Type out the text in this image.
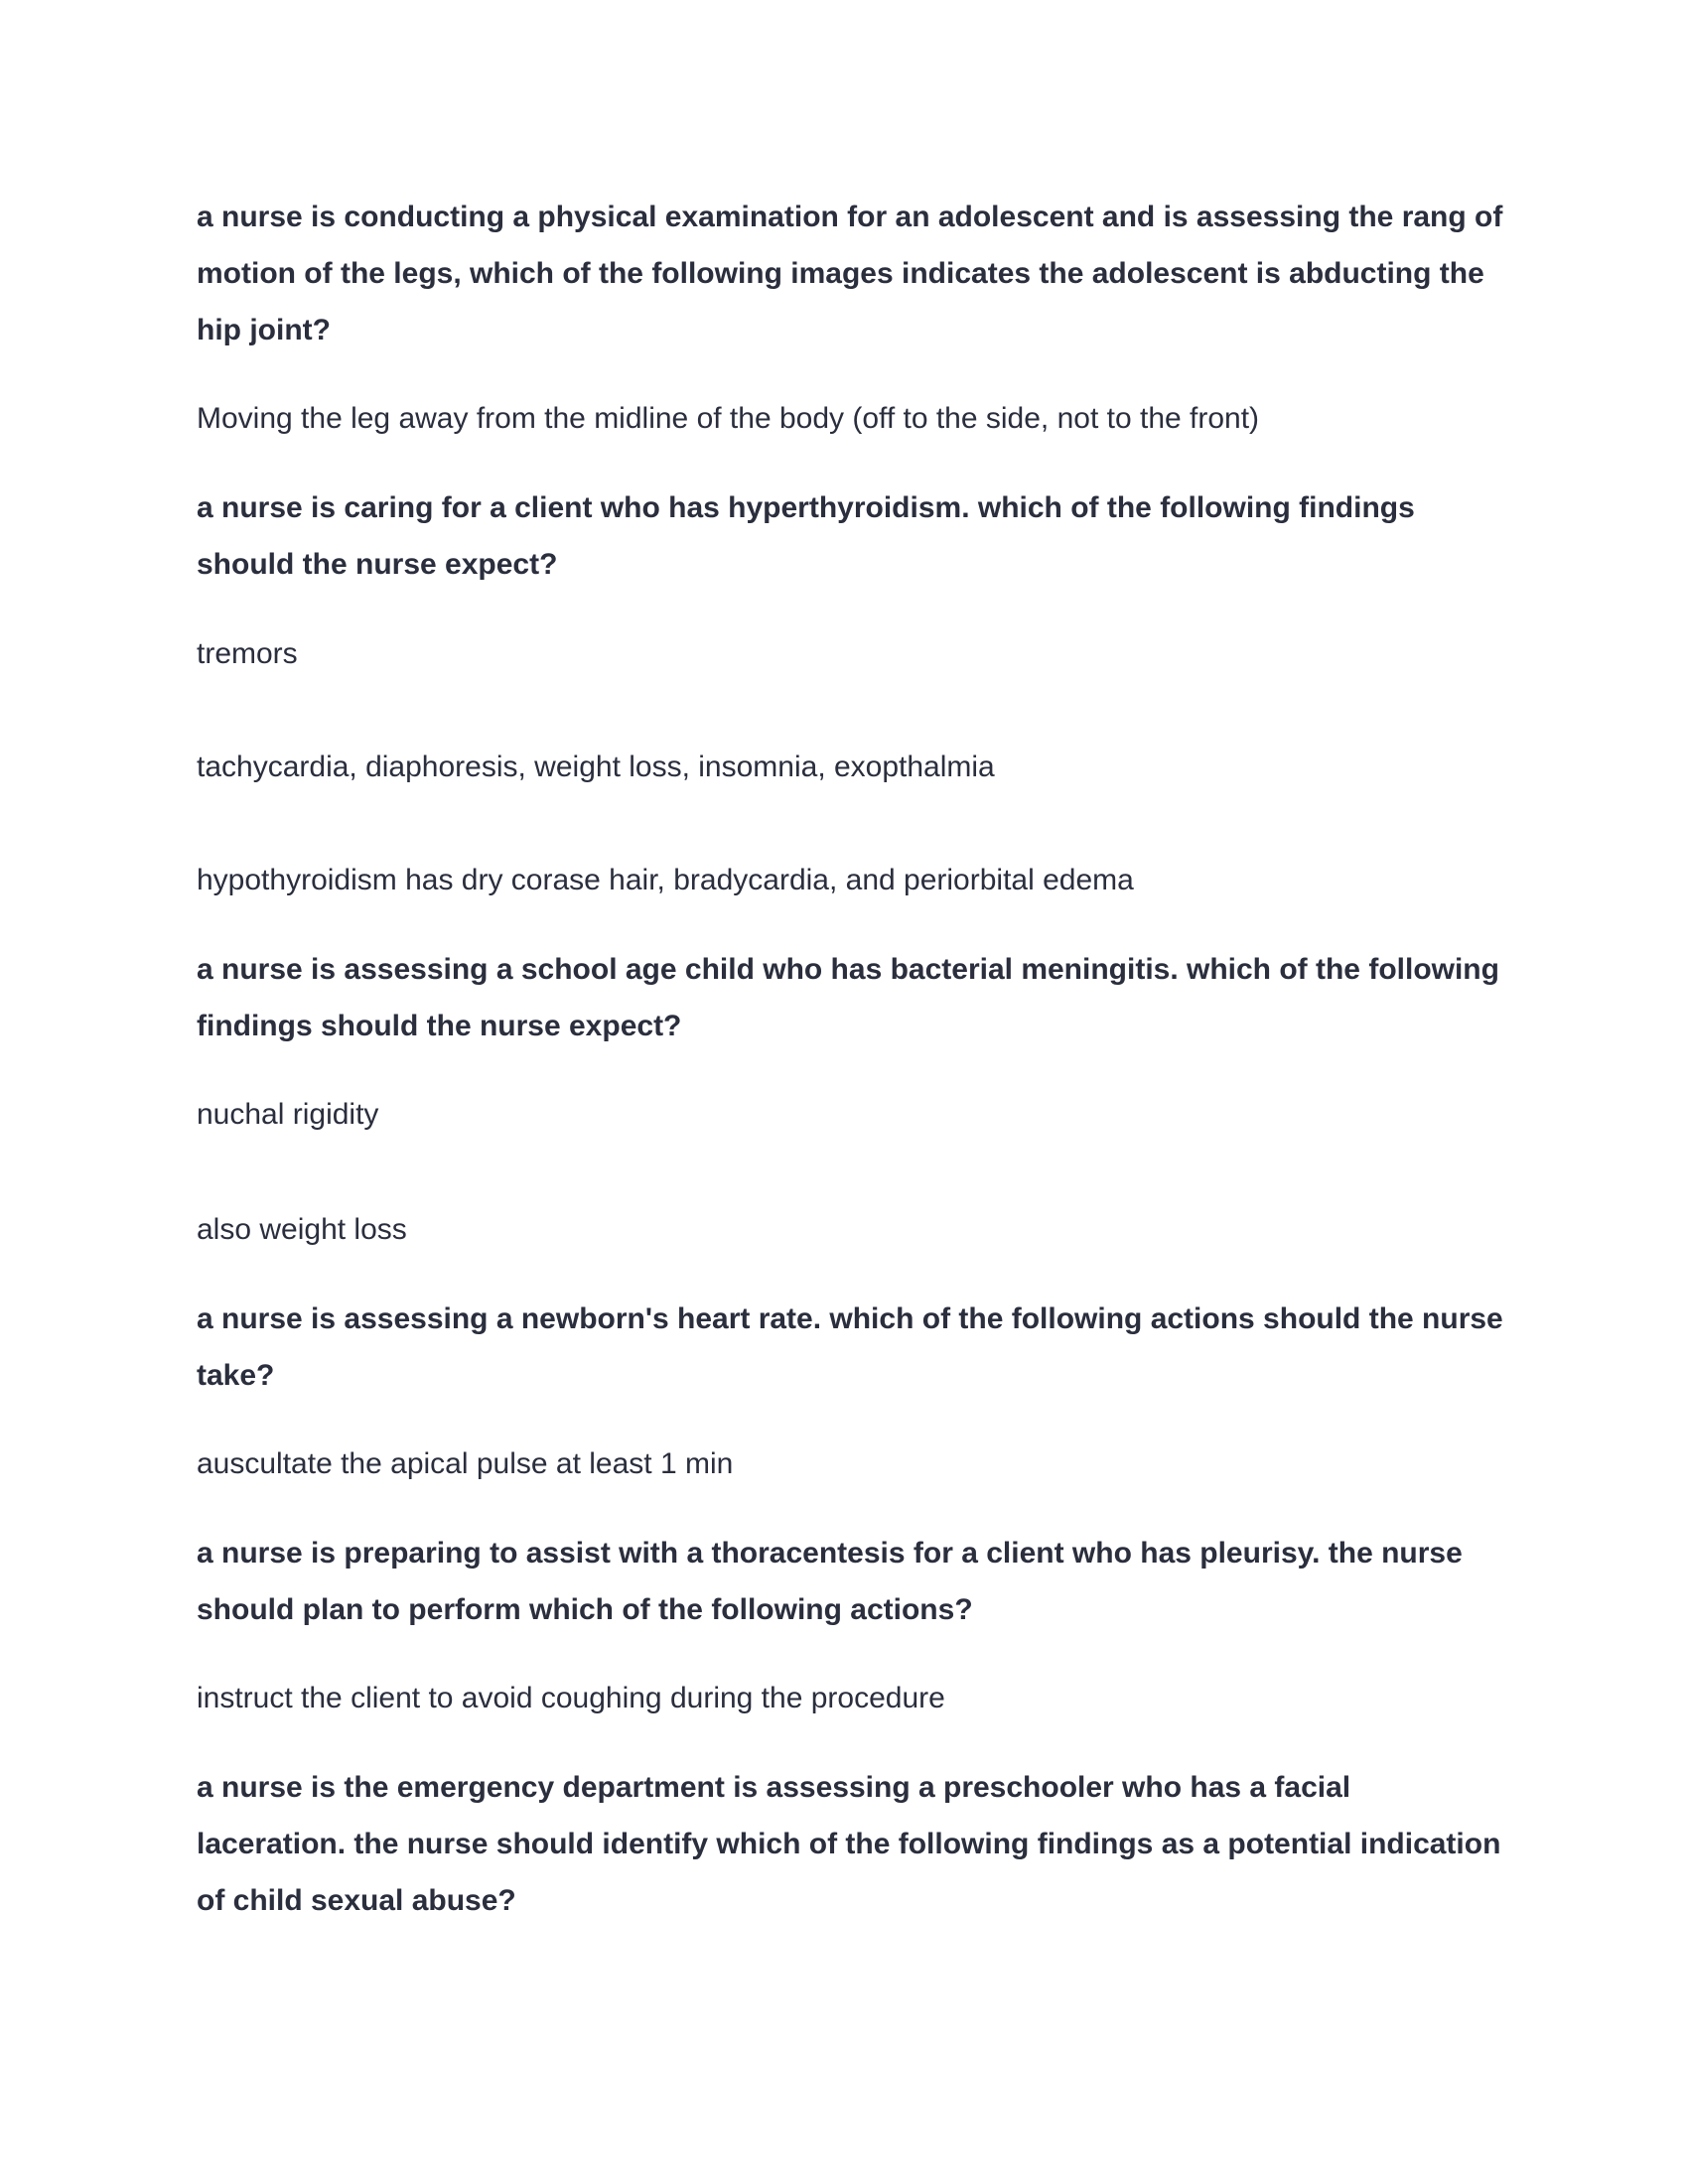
a nurse is conducting a physical examination for an adolescent and is assessing the rang of motion of the legs, which of the following images indicates the adolescent is abducting the hip joint?

Moving the leg away from the midline of the body (off to the side, not to the front)

a nurse is caring for a client who has hyperthyroidism. which of the following findings should the nurse expect?

tremors

tachycardia, diaphoresis, weight loss, insomnia, exopthalmia

hypothyroidism has dry corase hair, bradycardia, and periorbital edema

a nurse is assessing a school age child who has bacterial meningitis. which of the following findings should the nurse expect?

nuchal rigidity

also weight loss

a nurse is assessing a newborn's heart rate. which of the following actions should the nurse take?

auscultate the apical pulse at least 1 min

a nurse is preparing to assist with a thoracentesis for a client who has pleurisy. the nurse should plan to perform which of the following actions?

instruct the client to avoid coughing during the procedure

a nurse is the emergency department is assessing a preschooler who has a facial laceration. the nurse should identify which of the following findings as a potential indication of child sexual abuse?
